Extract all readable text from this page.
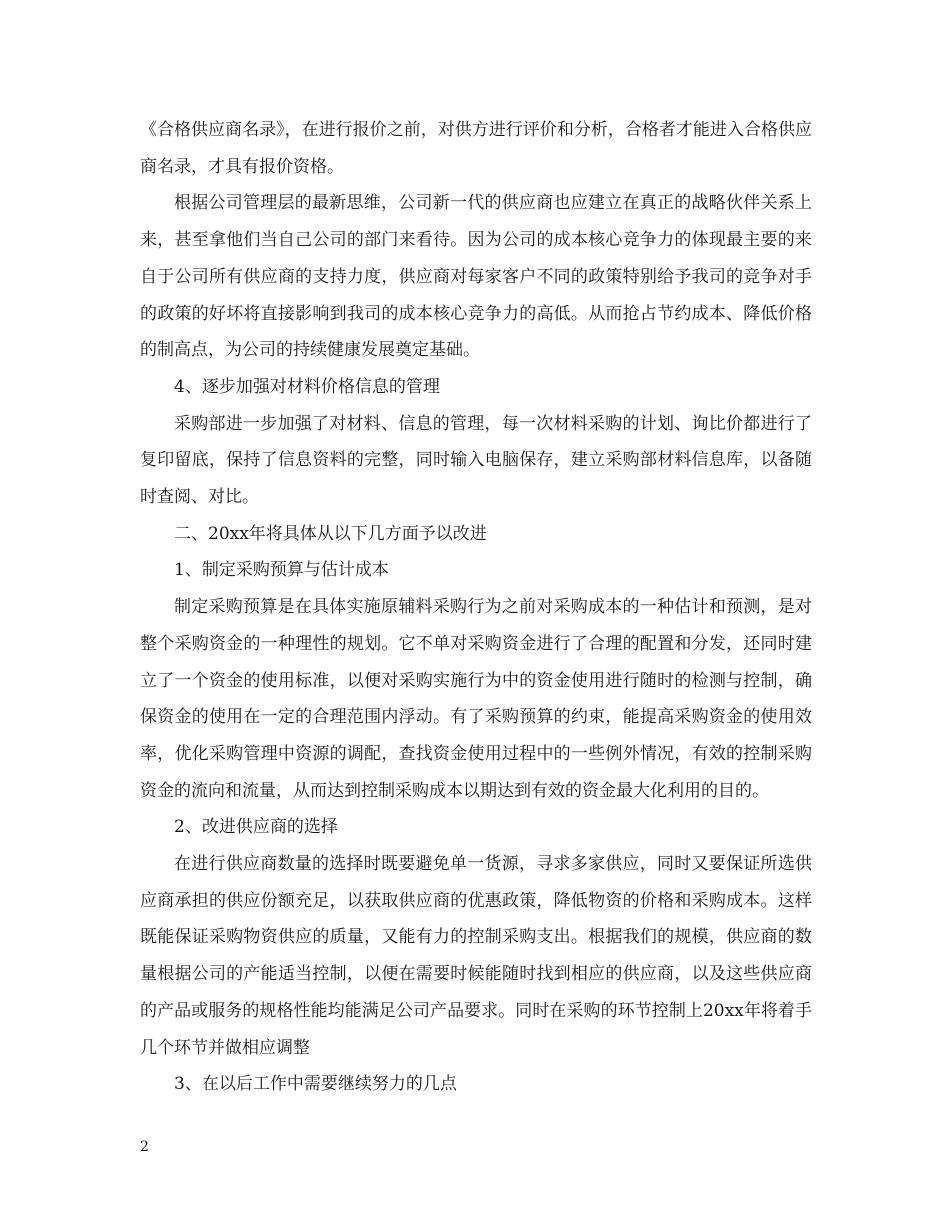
《合格供应商名录》，在进行报价之前，对供方进行评价和分析，合格者才能进入合格供应商名录，才具有报价资格。

根据公司管理层的最新思维，公司新一代的供应商也应建立在真正的战略伙伴关系上来，甚至拿他们当自己公司的部门来看待。因为公司的成本核心竞争力的体现最主要的来自于公司所有供应商的支持力度，供应商对每家客户不同的政策特别给予我司的竞争对手的政策的好坏将直接影响到我司的成本核心竞争力的高低。从而抢占节约成本、降低价格的制高点，为公司的持续健康发展奠定基础。

4、逐步加强对材料价格信息的管理

采购部进一步加强了对材料、信息的管理，每一次材料采购的计划、询比价都进行了复印留底，保持了信息资料的完整，同时输入电脑保存，建立采购部材料信息库，以备随时查阅、对比。

二、20xx年将具体从以下几方面予以改进

1、制定采购预算与估计成本

制定采购预算是在具体实施原辅料采购行为之前对采购成本的一种估计和预测，是对整个采购资金的一种理性的规划。它不单对采购资金进行了合理的配置和分发，还同时建立了一个资金的使用标准，以便对采购实施行为中的资金使用进行随时的检测与控制，确保资金的使用在一定的合理范围内浮动。有了采购预算的约束，能提高采购资金的使用效率，优化采购管理中资源的调配，查找资金使用过程中的一些例外情况，有效的控制采购资金的流向和流量，从而达到控制采购成本以期达到有效的资金最大化利用的目的。

2、改进供应商的选择

在进行供应商数量的选择时既要避免单一货源，寻求多家供应，同时又要保证所选供应商承担的供应份额充足，以获取供应商的优惠政策，降低物资的价格和采购成本。这样既能保证采购物资供应的质量，又能有力的控制采购支出。根据我们的规模，供应商的数量根据公司的产能适当控制，以便在需要时候能随时找到相应的供应商，以及这些供应商的产品或服务的规格性能均能满足公司产品要求。同时在采购的环节控制上20xx年将着手几个环节并做相应调整

3、在以后工作中需要继续努力的几点

2
